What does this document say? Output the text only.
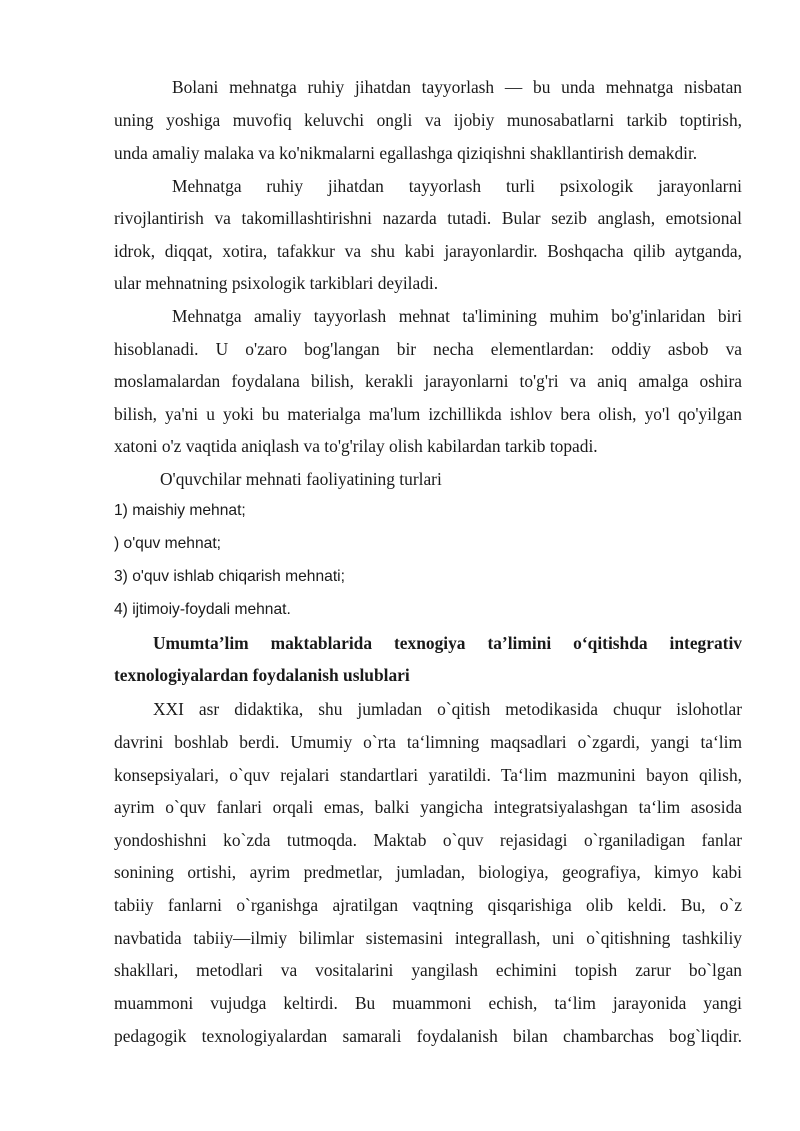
Bolani mehnatga ruhiy jihatdan tayyorlash — bu unda mehnatga nisbatan
uning yoshiga muvofiq keluvchi ongli va ijobiy munosabatlarni tarkib toptirish,
unda amaliy malaka va ko'nikmalarni egallashga qiziqishni shakllantirish demakdir.
Mehnatga ruhiy jihatdan tayyorlash turli psixologik jarayonlarni
rivojlantirish va takomillashtirishni nazarda tutadi. Bular sezib anglash, emotsional
idrok, diqqat, xotira, tafakkur va shu kabi jarayonlardir. Boshqacha qilib aytganda,
ular mehnatning psixologik tarkiblari deyiladi.
Mehnatga amaliy tayyorlash mehnat ta'limining muhim bo'g'inlaridan biri
hisoblanadi. U o'zaro bog'langan bir necha elementlardan: oddiy asbob va
moslamalardan foydalana bilish, kerakli jarayonlarni to'g'ri va aniq amalga oshira
bilish, ya'ni u yoki bu materialga ma'lum izchillikda ishlov bera olish, yo'l qo'yilgan
xatoni o'z vaqtida aniqlash va to'g'rilay olish kabilardan tarkib topadi.
O'quvchilar mehnati faoliyatining turlari
1) maishiy mehnat;
) o'quv mehnat;
3) o'quv ishlab chiqarish mehnati;
4) ijtimoiy-foydali mehnat.
Umumta’lim maktablarida texnogiya ta’limini o‘qitishda integrativ
texnologiyalardan foydalanish uslublari
XXI asr didaktika, shu jumladan o`qitish metodikasida chuqur islohotlar
davrini boshlab berdi. Umumiy o`rta ta‘limning maqsadlari o`zgardi, yangi ta‘lim
konsepsiyalari, o`quv rejalari standartlari yaratildi. Ta‘lim mazmunini bayon qilish,
ayrim o`quv fanlari orqali emas, balki yangicha integratsiyalashgan ta‘lim asosida
yondoshishni ko`zda tutmoqda. Maktab o`quv rejasidagi o`rganiladigan fanlar
sonining ortishi, ayrim predmetlar, jumladan, biologiya, geografiya, kimyo kabi
tabiiy fanlarni o`rganishga ajratilgan vaqtning qisqarishiga olib keldi. Bu, o`z
navbatida tabiiy—ilmiy bilimlar sistemasini integrallash, uni o`qitishning tashkiliy
shakllari, metodlari va vositalarini yangilash echimini topish zarur bo`lgan
muammoni vujudga keltirdi. Bu muammoni echish, ta‘lim jarayonida yangi
pedagogik texnologiyalardan samarali foydalanish bilan chambarchas bog`liqdir.
